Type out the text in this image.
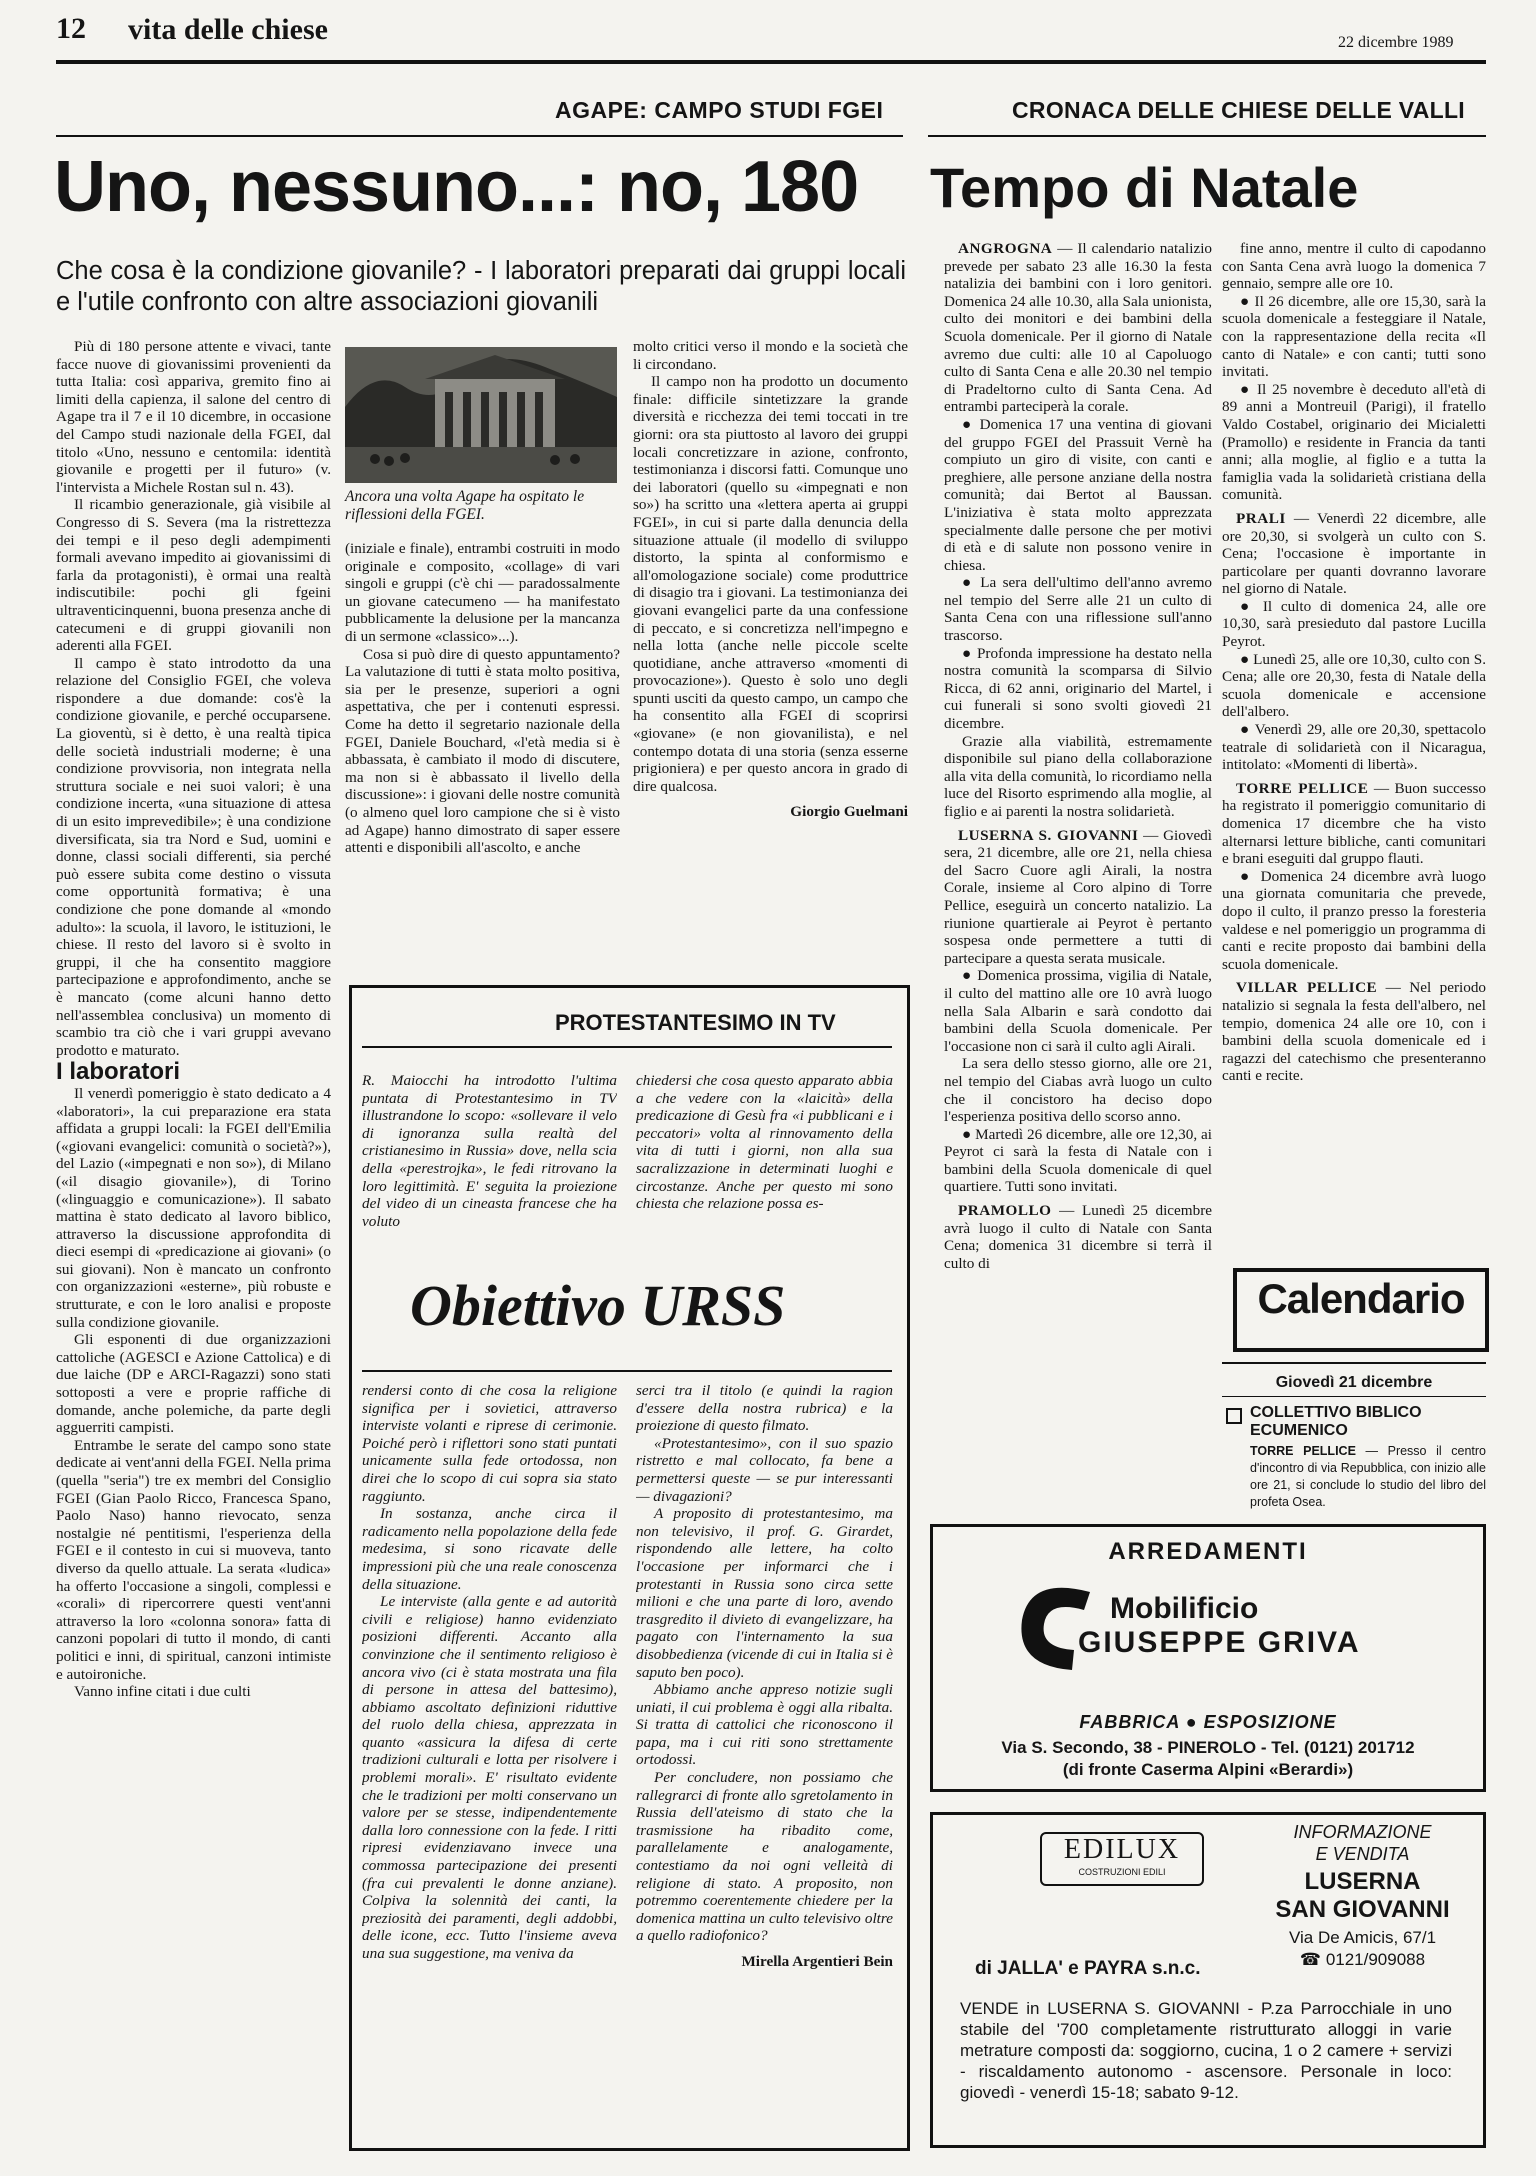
12 vita delle chiese	22 dicembre 1989
AGAPE: CAMPO STUDI FGEI
Uno, nessuno...: no, 180
Che cosa è la condizione giovanile? - I laboratori preparati dai gruppi locali e l'utile confronto con altre associazioni giovanili
Ancora una volta Agape ha ospitato le riflessioni della FGEI.

Più di 180 persone attente e vivaci, tante facce nuove di giovanissimi provenienti da tutta Italia: così appariva, gremito fino ai limiti della capienza, il salone del centro di Agape tra il 7 e il 10 dicembre, in occasione del Campo studi nazionale della FGEI, dal titolo «Uno, nessuno e centomila: identità giovanile e progetti per il futuro» (v. l'intervista a Michele Rostan sul n. 43).

Il ricambio generazionale, già visibile al Congresso di S. Severa (ma la ristrettezza dei tempi e il peso degli adempimenti formali avevano impedito ai giovanissimi di farla da protagonisti), è ormai una realtà indiscutibile: pochi gli fgeini ultraventicinquenni, buona presenza anche di catecumeni e di gruppi giovanili non aderenti alla FGEI.

Il campo è stato introdotto da una relazione del Consiglio FGEI, che voleva rispondere a due domande: cos'è la condizione giovanile, e perché occuparsene. La gioventù, si è detto, è una realtà tipica delle società industriali moderne; è una condizione provvisoria, non integrata nella struttura sociale e nei suoi valori; è una condizione incerta, «una situazione di attesa di un esito imprevedibile»; è una condizione diversificata, sia tra Nord e Sud, uomini e donne, classi sociali differenti, sia perché può essere subita come destino o vissuta come opportunità formativa; è una condizione che pone domande al «mondo adulto»: la scuola, il lavoro, le istituzioni, le chiese. Il resto del lavoro si è svolto in gruppi, il che ha consentito maggiore partecipazione e approfondimento, anche se è mancato (come alcuni hanno detto nell'assemblea conclusiva) un momento di scambio tra ciò che i vari gruppi avevano prodotto e maturato.

I laboratori

Il venerdì pomeriggio è stato dedicato a 4 «laboratori», la cui preparazione era stata affidata a gruppi locali: la FGEI dell'Emilia («giovani evangelici: comunità o società?»), del Lazio («impegnati e non so»), di Milano («il disagio giovanile»), di Torino («linguaggio e comunicazione»). Il sabato mattina è stato dedicato al lavoro biblico, attraverso la discussione approfondita di dieci esempi di «predicazione ai giovani» (o sui giovani). Non è mancato un confronto con organizzazioni «esterne», più robuste e strutturate, e con le loro analisi e proposte sulla condizione giovanile.

Gli esponenti di due organizzazioni cattoliche (AGESCI e Azione Cattolica) e di due laiche (DP e ARCI-Ragazzi) sono stati sottoposti a vere e proprie raffiche di domande, anche polemiche, da parte degli agguerriti campisti.

Entrambe le serate del campo sono state dedicate ai vent'anni della FGEI. Nella prima (quella "seria") tre ex membri del Consiglio FGEI (Gian Paolo Ricco, Francesca Spano, Paolo Naso) hanno rievocato, senza nostalgie né pentitismi, l'esperienza della FGEI e il contesto in cui si muoveva, tanto diverso da quello attuale. La serata «ludica» ha offerto l'occasione a singoli, complessi e «corali» di ripercorrere questi vent'anni attraverso la loro «colonna sonora» fatta di canzoni popolari di tutto il mondo, di canti politici e inni, di spiritual, canzoni intimiste e autoironiche.

Vanno infine citati i due culti

(iniziale e finale), entrambi costruiti in modo originale e composito, «collage» di vari singoli e gruppi (c'è chi — paradossalmente un giovane catecumeno — ha manifestato pubblicamente la delusione per la mancanza di un sermone «classico»...).

Cosa si può dire di questo appuntamento? La valutazione di tutti è stata molto positiva, sia per le presenze, superiori a ogni aspettativa, che per i contenuti espressi. Come ha detto il segretario nazionale della FGEI, Daniele Bouchard, «l'età media si è abbassata, è cambiato il modo di discutere, ma non si è abbassato il livello della discussione»: i giovani delle nostre comunità (o almeno quel loro campione che si è visto ad Agape) hanno dimostrato di saper essere attenti e disponibili all'ascolto, e anche

molto critici verso il mondo e la società che li circondano.

Il campo non ha prodotto un documento finale: difficile sintetizzare la grande diversità e ricchezza dei temi toccati in tre giorni: ora sta piuttosto al lavoro dei gruppi locali concretizzare in azione, confronto, testimonianza i discorsi fatti. Comunque uno dei laboratori (quello su «impegnati e non so») ha scritto una «lettera aperta ai gruppi FGEI», in cui si parte dalla denuncia della situazione attuale (il modello di sviluppo distorto, la spinta al conformismo e all'omologazione sociale) come produttrice di disagio tra i giovani. La testimonianza dei giovani evangelici parte da una confessione di peccato, e si concretizza nell'impegno e nella lotta (anche nelle piccole scelte quotidiane, anche attraverso «momenti di provocazione»). Questo è solo uno degli spunti usciti da questo campo, un campo che ha consentito alla FGEI di scoprirsi «giovane» (e non giovanilista), e nel contempo dotata di una storia (senza esserne prigioniera) e per questo ancora in grado di dire qualcosa.

Giorgio Guelmani

PROTESTANTESIMO IN TV

R. Maiocchi ha introdotto l'ultima puntata di Protestantesimo in TV illustrandone lo scopo: «sollevare il velo di ignoranza sulla realtà del cristianesimo in Russia» dove, nella scia della «perestrojka», le fedi ritrovano la loro legittimità. E' seguita la proiezione del video di un cineasta francese che ha voluto

chiedersi che cosa questo apparato abbia a che vedere con la «laicità» della predicazione di Gesù fra «i pubblicani e i peccatori» volta al rinnovamento della vita di tutti i giorni, non alla sua sacralizzazione in determinati luoghi e circostanze. Anche per questo mi sono chiesta che relazione possa es-

Obiettivo URSS

rendersi conto di che cosa la religione significa per i sovietici, attraverso interviste volanti e riprese di cerimonie. Poiché però i riflettori sono stati puntati unicamente sulla fede ortodossa, non direi che lo scopo di cui sopra sia stato raggiunto.

In sostanza, anche circa il radicamento nella popolazione della fede medesima, si sono ricavate delle impressioni più che una reale conoscenza della situazione.

Le interviste (alla gente e ad autorità civili e religiose) hanno evidenziato posizioni differenti. Accanto alla convinzione che il sentimento religioso è ancora vivo (ci è stata mostrata una fila di persone in attesa del battesimo), abbiamo ascoltato definizioni riduttive del ruolo della chiesa, apprezzata in quanto «assicura la difesa di certe tradizioni culturali e lotta per risolvere i problemi morali». E' risultato evidente che le tradizioni per molti conservano un valore per se stesse, indipendentemente dalla loro connessione con la fede. I ritti ripresi evidenziavano invece una commossa partecipazione dei presenti (fra cui prevalenti le donne anziane). Colpiva la solennità dei canti, la preziosità dei paramenti, degli addobbi, delle icone, ecc. Tutto l'insieme aveva una sua suggestione, ma veniva da

serci tra il titolo (e quindi la ragion d'essere della nostra rubrica) e la proiezione di questo filmato.

«Protestantesimo», con il suo spazio ristretto e mal collocato, fa bene a permettersi queste — se pur interessanti — divagazioni?

A proposito di protestantesimo, ma non televisivo, il prof. G. Girardet, rispondendo alle lettere, ha colto l'occasione per informarci che i protestanti in Russia sono circa sette milioni e che una parte di loro, avendo trasgredito il divieto di evangelizzare, ha pagato con l'internamento la sua disobbedienza (vicende di cui in Italia si è saputo ben poco).

Abbiamo anche appreso notizie sugli uniati, il cui problema è oggi alla ribalta. Si tratta di cattolici che riconoscono il papa, ma i cui riti sono strettamente ortodossi.

Per concludere, non possiamo che rallegrarci di fronte allo sgretolamento in Russia dell'ateismo di stato che la trasmissione ha ribadito come, parallelamente e analogamente, contestiamo da noi ogni velleità di religione di stato. A proposito, non potremmo coerentemente chiedere per la domenica mattina un culto televisivo oltre a quello radiofonico?

Mirella Argentieri Bein

CRONACA DELLE CHIESE DELLE VALLI
Tempo di Natale

ANGROGNA — Il calendario natalizio prevede per sabato 23 alle 16.30 la festa natalizia dei bambini con i loro genitori. Domenica 24 alle 10.30, alla Sala unionista, culto dei monitori e dei bambini della Scuola domenicale. Per il giorno di Natale avremo due culti: alle 10 al Capoluogo culto di Santa Cena e alle 20.30 nel tempio di Pradeltorno culto di Santa Cena. Ad entrambi parteciperà la corale.

● Domenica 17 una ventina di giovani del gruppo FGEI del Prassuit Vernè ha compiuto un giro di visite, con canti e preghiere, alle persone anziane della nostra comunità; dai Bertot al Baussan. L'iniziativa è stata molto apprezzata specialmente dalle persone che per motivi di età e di salute non possono venire in chiesa.

● La sera dell'ultimo dell'anno avremo nel tempio del Serre alle 21 un culto di Santa Cena con una riflessione sull'anno trascorso.

● Profonda impressione ha destato nella nostra comunità la scomparsa di Silvio Ricca, di 62 anni, originario del Martel, i cui funerali si sono svolti giovedì 21 dicembre.

Grazie alla viabilità, estremamente disponibile sul piano della collaborazione alla vita della comunità, lo ricordiamo nella luce del Risorto esprimendo alla moglie, al figlio e ai parenti la nostra solidarietà.

LUSERNA S. GIOVANNI — Giovedì sera, 21 dicembre, alle ore 21, nella chiesa del Sacro Cuore agli Airali, la nostra Corale, insieme al Coro alpino di Torre Pellice, eseguirà un concerto natalizio. La riunione quartierale ai Peyrot è pertanto sospesa onde permettere a tutti di partecipare a questa serata musicale.

● Domenica prossima, vigilia di Natale, il culto del mattino alle ore 10 avrà luogo nella Sala Albarin e sarà condotto dai bambini della Scuola domenicale. Per l'occasione non ci sarà il culto agli Airali.

La sera dello stesso giorno, alle ore 21, nel tempio del Ciabas avrà luogo un culto che il concistoro ha deciso dopo l'esperienza positiva dello scorso anno.

● Martedì 26 dicembre, alle ore 12,30, ai Peyrot ci sarà la festa di Natale con i bambini della Scuola domenicale di quel quartiere. Tutti sono invitati.

PRAMOLLO — Lunedì 25 dicembre avrà luogo il culto di Natale con Santa Cena; domenica 31 dicembre si terrà il culto di

fine anno, mentre il culto di capodanno con Santa Cena avrà luogo la domenica 7 gennaio, sempre alle ore 10.

● Il 26 dicembre, alle ore 15,30, sarà la scuola domenicale a festeggiare il Natale, con la rappresentazione della recita «Il canto di Natale» e con canti; tutti sono invitati.

● Il 25 novembre è deceduto all'età di 89 anni a Montreuil (Parigi), il fratello Valdo Costabel, originario dei Micialetti (Pramollo) e residente in Francia da tanti anni; alla moglie, al figlio e a tutta la famiglia vada la solidarietà cristiana della comunità.

PRALI — Venerdì 22 dicembre, alle ore 20,30, si svolgerà un culto con S. Cena; l'occasione è importante in particolare per quanti dovranno lavorare nel giorno di Natale.

● Il culto di domenica 24, alle ore 10,30, sarà presieduto dal pastore Lucilla Peyrot.

● Lunedì 25, alle ore 10,30, culto con S. Cena; alle ore 20,30, festa di Natale della scuola domenicale e accensione dell'albero.

● Venerdì 29, alle ore 20,30, spettacolo teatrale di solidarietà con il Nicaragua, intitolato: «Momenti di libertà».

TORRE PELLICE — Buon successo ha registrato il pomeriggio comunitario di domenica 17 dicembre che ha visto alternarsi letture bibliche, canti comunitari e brani eseguiti dal gruppo flauti.

● Domenica 24 dicembre avrà luogo una giornata comunitaria che prevede, dopo il culto, il pranzo presso la foresteria valdese e nel pomeriggio un programma di canti e recite proposto dai bambini della scuola domenicale.

VILLAR PELLICE — Nel periodo natalizio si segnala la festa dell'albero, nel tempio, domenica 24 alle ore 10, con i bambini della scuola domenicale ed i ragazzi del catechismo che presenteranno canti e recite.

Calendario
Giovedì 21 dicembre
COLLETTIVO BIBLICO ECUMENICO
TORRE PELLICE — Presso il centro d'incontro di via Repubblica, con inizio alle ore 21, si conclude lo studio del libro del profeta Osea.
ARREDAMENTI
Mobilificio
GIUSEPPE GRIVA
FABBRICA ● ESPOSIZIONE
Via S. Secondo, 38 - PINEROLO - Tel. (0121) 201712
(di fronte Caserma Alpini «Berardi»)
EDILUX
COSTRUZIONI EDILI
di JALLA' e PAYRA s.n.c.
INFORMAZIONE
E VENDITA
LUSERNA
SAN GIOVANNI
Via De Amicis, 67/1
☎ 0121/909088
VENDE in LUSERNA S. GIOVANNI - P.za Parrocchiale in uno stabile del '700 completamente ristrutturato alloggi in varie metrature composti da: soggiorno, cucina, 1 o 2 camere + servizi - riscaldamento autonomo - ascensore. Personale in loco: giovedì - venerdì 15-18; sabato 9-12.
